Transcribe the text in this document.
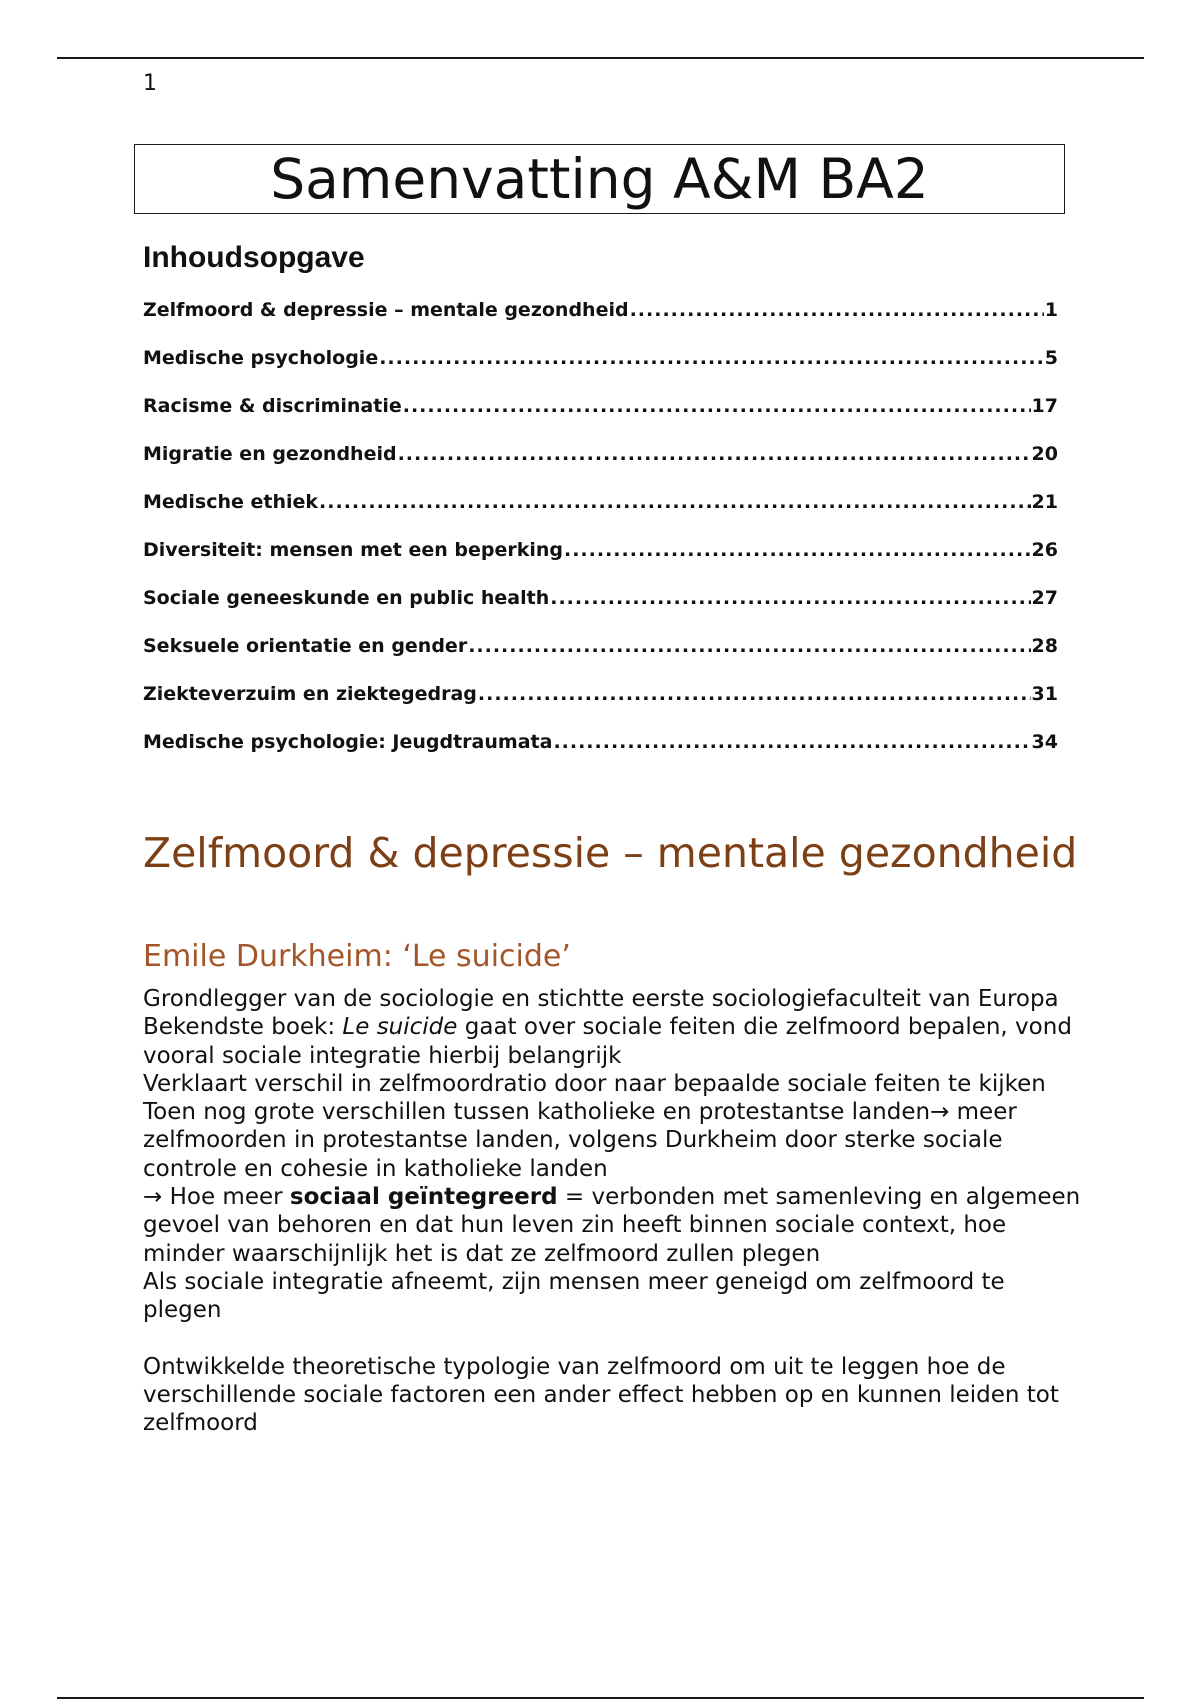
1
Samenvatting A&M BA2
Inhoudsopgave
Zelfmoord & depressie – mentale gezondheid .....	1
Medische psychologie .....	5
Racisme & discriminatie .....	17
Migratie en gezondheid .....	20
Medische ethiek .....	21
Diversiteit: mensen met een beperking .....	26
Sociale geneeskunde en public health .....	27
Seksuele orientatie en gender .....	28
Ziekteverzuim en ziektegedrag .....	31
Medische psychologie: Jeugdtraumata .....	34
Zelfmoord & depressie – mentale gezondheid
Emile Durkheim: ‘Le suicide’

Grondlegger van de sociologie en stichtte eerste sociologiefaculteit van Europa

Bekendste boek: Le suicide gaat over sociale feiten die zelfmoord bepalen, vond vooral sociale integratie hierbij belangrijk

Verklaart verschil in zelfmoordratio door naar bepaalde sociale feiten te kijken

Toen nog grote verschillen tussen katholieke en protestantse landen→ meer zelfmoorden in protestantse landen, volgens Durkheim door sterke sociale controle en cohesie in katholieke landen

→ Hoe meer sociaal geïntegreerd = verbonden met samenleving en algemeen gevoel van behoren en dat hun leven zin heeft binnen sociale context, hoe minder waarschijnlijk het is dat ze zelfmoord zullen plegen

Als sociale integratie afneemt, zijn mensen meer geneigd om zelfmoord te plegen

Ontwikkelde theoretische typologie van zelfmoord om uit te leggen hoe de verschillende sociale factoren een ander effect hebben op en kunnen leiden tot zelfmoord
